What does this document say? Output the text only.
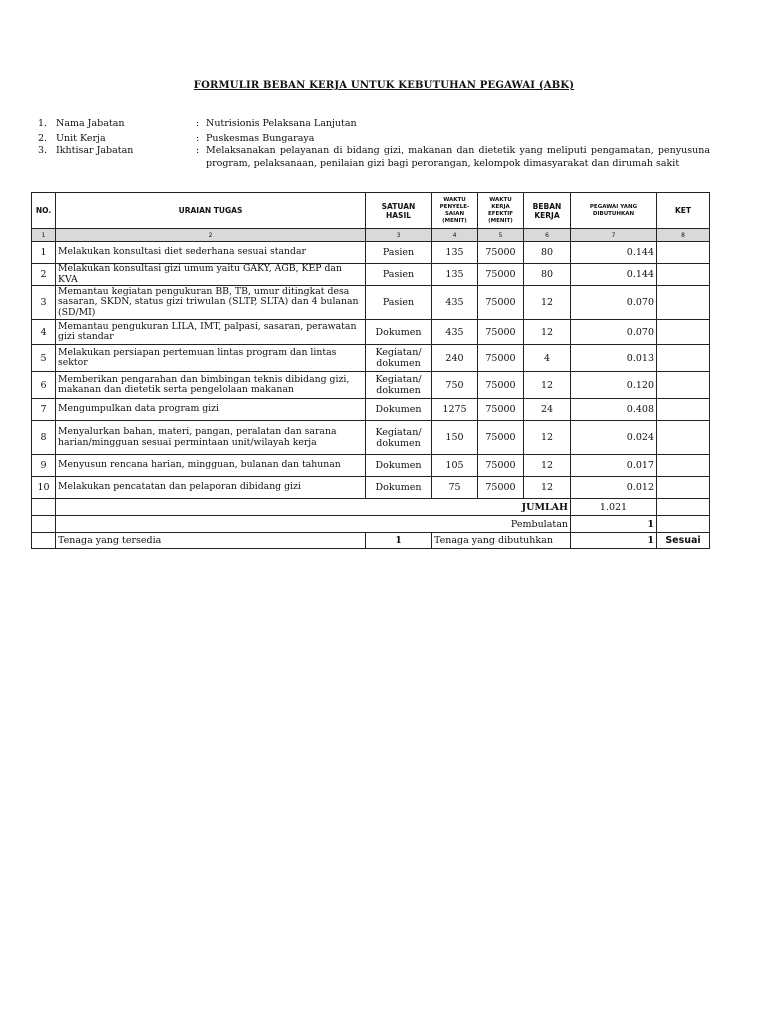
FORMULIR BEBAN KERJA UNTUK KEBUTUHAN PEGAWAI (ABK)
1. Nama Jabatan	: Nutrisionis Pelaksana Lanjutan
2. Unit Kerja	: Puskesmas Bungaraya
3. Ikhtisar Jabatan	: Melaksanakan pelayanan di bidang gizi, makanan dan dietetik yang meliputi pengamatan, penyusuna program, pelaksanaan, penilaian gizi bagi perorangan, kelompok dimasyarakat dan dirumah sakit
NO.	URAIAN TUGAS	SATUAN HASIL	WAKTU PENYELE-SAIAN (MENIT)	WAKTU KERJA EFEKTIF (MENIT)	BEBAN KERJA	PEGAWAI YANG DIBUTUHKAN	KET
1	2	3	4	5	6	7	8
1	Melakukan konsultasi diet sederhana sesuai standar	Pasien	135	75000	80	0.144	
2	Melakukan konsultasi gizi umum yaitu GAKY, AGB, KEP dan KVA	Pasien	135	75000	80	0.144	
3	Memantau kegiatan pengukuran BB, TB, umur ditingkat desa sasaran, SKDN, status gizi triwulan (SLTP, SLTA) dan 4 bulanan (SD/MI)	Pasien	435	75000	12	0.070	
4	Memantau pengukuran LILA, IMT, palpasi, sasaran, perawatan gizi standar	Dokumen	435	75000	12	0.070	
5	Melakukan persiapan pertemuan lintas program dan lintas sektor	Kegiatan/ dokumen	240	75000	4	0.013	
6	Memberikan pengarahan dan bimbingan teknis dibidang gizi, makanan dan dietetik serta pengelolaan makanan	Kegiatan/ dokumen	750	75000	12	0.120	
7	Mengumpulkan data program gizi	Dokumen	1275	75000	24	0.408	
8	Menyalurkan bahan, materi, pangan, peralatan dan sarana harian/mingguan sesuai permintaan unit/wilayah kerja	Kegiatan/ dokumen	150	75000	12	0.024	
9	Menyusun rencana harian, mingguan, bulanan dan tahunan	Dokumen	105	75000	12	0.017	
10	Melakukan pencatatan dan pelaporan dibidang gizi	Dokumen	75	75000	12	0.012	
	JUMLAH					1.021	
	Pembulatan					1	
	Tenaga yang tersedia	1	Tenaga yang dibutuhkan			1	Sesuai
